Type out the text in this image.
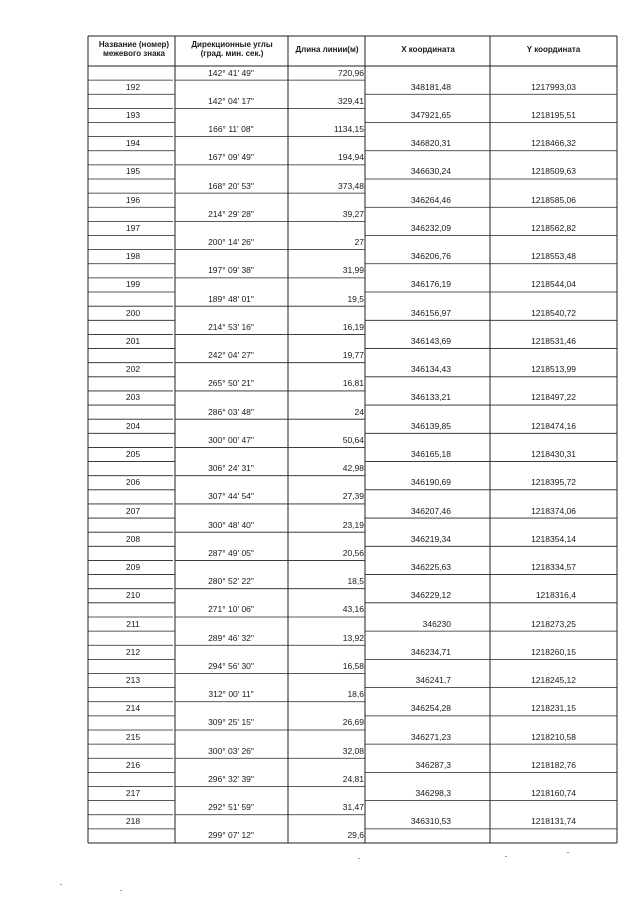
Название (номер) межевого знака
Дирекционные углы (град. мин. сек.)	Длина линии(м)	X координата	Y координата
142° 41' 49"	720,96
192	348181,48	1217993,03
142° 04' 17"	329,41
193	347921,65	1218195,51
166° 11' 08"	1134,15
194	346820,31	1218466,32
167° 09' 49"	194,94
195	346630,24	1218509,63
168° 20' 53"	373,48
196	346264,46	1218585,06
214° 29' 28"	39,27
197	346232,09	1218562,82
200° 14' 26"	27
198	346206,76	1218553,48
197° 09' 38"	31,99
199	346176,19	1218544,04
189° 48' 01"	19,5
200	346156,97	1218540,72
214° 53' 16"	16,19
201	346143,69	1218531,46
242° 04' 27"	19,77
202	346134,43	1218513,99
265° 50' 21"	16,81
203	346133,21	1218497,22
286° 03' 48"	24
204	346139,85	1218474,16
300° 00' 47"	50,64
205	346165,18	1218430,31
306° 24' 31"	42,98
206	346190,69	1218395,72
307° 44' 54"	27,39
207	346207,46	1218374,06
300° 48' 40"	23,19
208	346219,34	1218354,14
287° 49' 05"	20,56
209	346225,63	1218334,57
280° 52' 22"	18,5
210	346229,12	1218316,4
271° 10' 06"	43,16
211	346230	1218273,25
289° 46' 32"	13,92
212	346234,71	1218260,15
294° 56' 30"	16,58
213	346241,7	1218245,12
312° 00' 11"	18,6
214	346254,28	1218231,15
309° 25' 15"	26,69
215	346271,23	1218210,58
300° 03' 26"	32,08
216	346287,3	1218182,76
296° 32' 39"	24,81
217	346298,3	1218160,74
292° 51' 59"	31,47
218	346310,53	1218131,74
299° 07' 12"	29,6
